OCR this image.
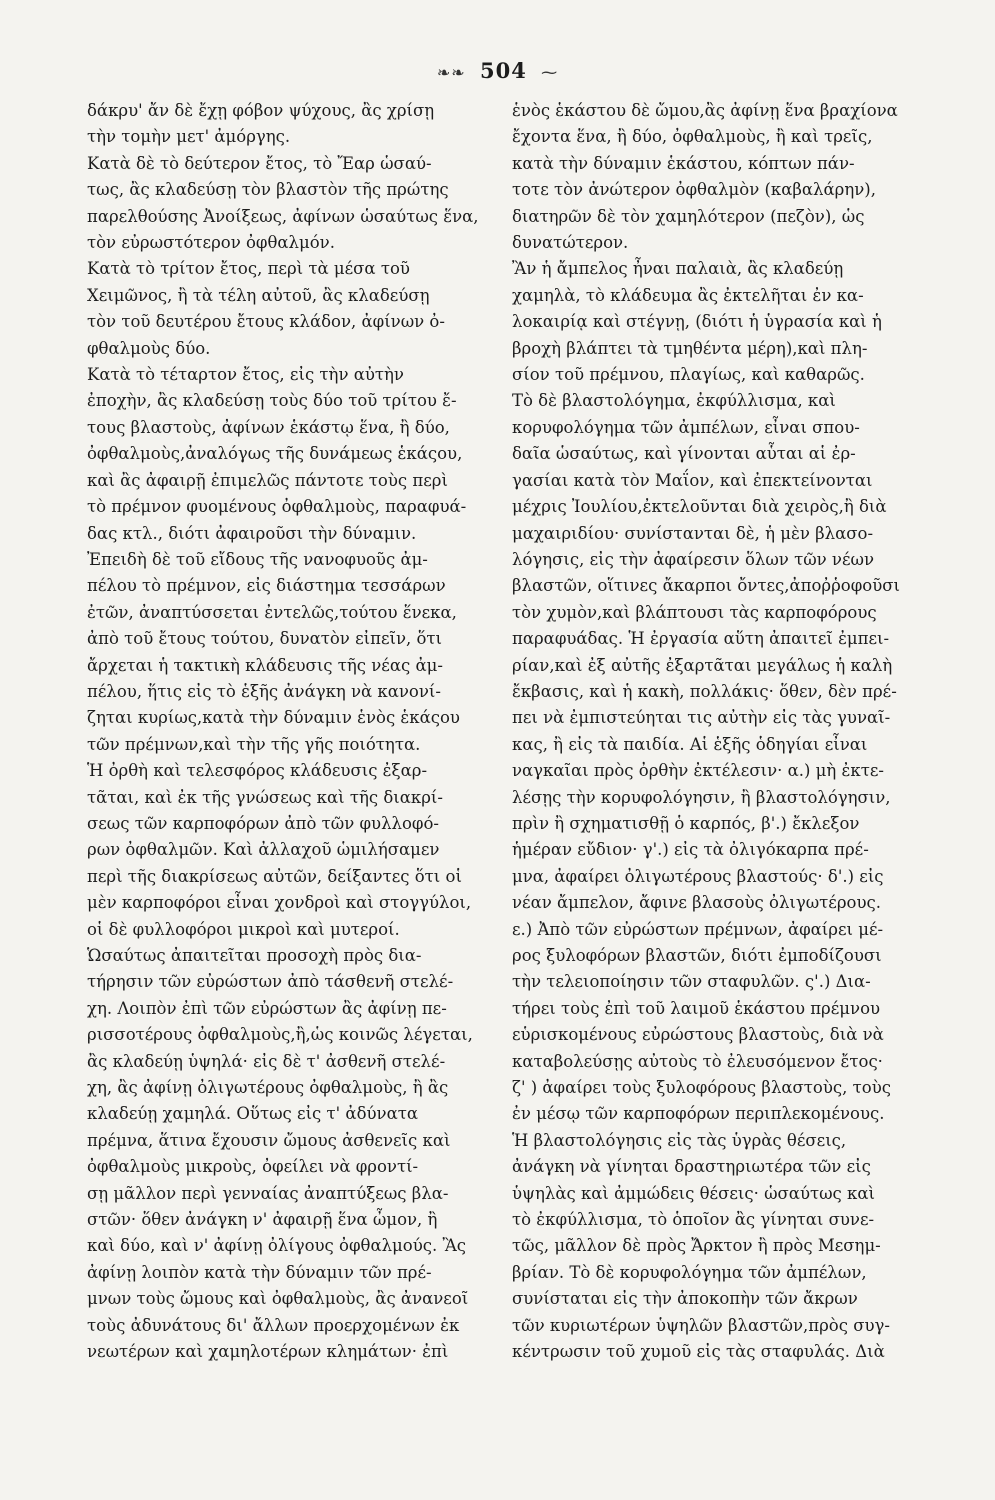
❧❧ 504 ⁓
δάκρυ' ἄν δὲ ἔχῃ φόβον ψύχους, ἂς χρίσῃ
τὴν τομὴν μετ' ἀμόργης.
Κατὰ δὲ τὸ δεύτερον ἔτος, τὸ Ἔαρ ὡσαύ-
τως, ἂς κλαδεύσῃ τὸν βλαστὸν τῆς πρώτης
παρελθούσης Ἀνοίξεως, ἀφίνων ὡσαύτως ἕνα,
τὸν εὐρωστότερον ὀφθαλμόν.
Κατὰ τὸ τρίτον ἔτος, περὶ τὰ μέσα τοῦ
Χειμῶνος, ἢ τὰ τέλη αὐτοῦ, ἂς κλαδεύσῃ
τὸν τοῦ δευτέρου ἔτους κλάδον, ἀφίνων ὀ-
φθαλμοὺς δύο.
Κατὰ τὸ τέταρτον ἔτος, εἰς τὴν αὐτὴν
ἐποχὴν, ἂς κλαδεύσῃ τοὺς δύο τοῦ τρίτου ἔ-
τους βλαστοὺς, ἀφίνων ἑκάστῳ ἕνα, ἢ δύο,
ὀφθαλμοὺς,ἀναλόγως τῆς δυνάμεως ἑκάςου,
καὶ ἂς ἀφαιρῇ ἐπιμελῶς πάντοτε τοὺς περὶ
τὸ πρέμνον φυομένους ὀφθαλμοὺς, παραφυά-
δας κτλ., διότι ἀφαιροῦσι τὴν δύναμιν.
Ἐπειδὴ δὲ τοῦ εἴδους τῆς νανοφυοῦς ἀμ-
πέλου τὸ πρέμνον, εἰς διάστημα τεσσάρων
ἐτῶν, ἀναπτύσσεται ἐντελῶς,τούτου ἕνεκα,
ἀπὸ τοῦ ἔτους τούτου, δυνατὸν εἰπεῖν, ὅτι
ἄρχεται ἡ τακτικὴ κλάδευσις τῆς νέας ἀμ-
πέλου, ἥτις εἰς τὸ ἑξῆς ἀνάγκη νὰ κανονί-
ζηται κυρίως,κατὰ τὴν δύναμιν ἑνὸς ἑκάςου
τῶν πρέμνων,καὶ τὴν τῆς γῆς ποιότητα.
Ἡ ὀρθὴ καὶ τελεσφόρος κλάδευσις ἐξαρ-
τᾶται, καὶ ἐκ τῆς γνώσεως καὶ τῆς διακρί-
σεως τῶν καρποφόρων ἀπὸ τῶν φυλλοφό-
ρων ὀφθαλμῶν. Καὶ ἀλλαχοῦ ὡμιλήσαμεν
περὶ τῆς διακρίσεως αὐτῶν, δείξαντες ὅτι οἱ
μὲν καρποφόροι εἶναι χονδροὶ καὶ στογγύλοι,
οἱ δὲ φυλλοφόροι μικροὶ καὶ μυτεροί.
Ὡσαύτως ἀπαιτεῖται προσοχὴ πρὸς δια-
τήρησιν τῶν εὐρώστων ἀπὸ τάσθενῆ στελέ-
χη. Λοιπὸν ἐπὶ τῶν εὐρώστων ἂς ἀφίνῃ πε-
ρισσοτέρους ὀφθαλμοὺς,ἢ,ὡς κοινῶς λέγεται,
ἂς κλαδεύῃ ὑψηλά· εἰς δὲ τ' ἀσθενῆ στελέ-
χη, ἂς ἀφίνῃ ὀλιγωτέρους ὀφθαλμοὺς, ἢ ἂς
κλαδεύῃ χαμηλά. Οὕτως εἰς τ' ἀδύνατα
πρέμνα, ἅτινα ἔχουσιν ὤμους ἀσθενεῖς καὶ
ὀφθαλμοὺς μικροὺς, ὀφείλει νὰ φροντί-
σῃ μᾶλλον περὶ γενναίας ἀναπτύξεως βλα-
στῶν· ὅθεν ἀνάγκη ν' ἀφαιρῇ ἕνα ὦμον, ἢ
καὶ δύο, καὶ ν' ἀφίνῃ ὀλίγους ὀφθαλμούς. Ἂς
ἀφίνῃ λοιπὸν κατὰ τὴν δύναμιν τῶν πρέ-
μνων τοὺς ὤμους καὶ ὀφθαλμοὺς, ἂς ἀνανεοῖ
τοὺς ἀδυνάτους δι' ἄλλων προερχομένων ἐκ
νεωτέρων καὶ χαμηλοτέρων κλημάτων· ἐπὶ
ἑνὸς ἑκάστου δὲ ὤμου,ἂς ἀφίνῃ ἕνα βραχίονα
ἔχοντα ἕνα, ἢ δύο, ὀφθαλμοὺς, ἢ καὶ τρεῖς,
κατὰ τὴν δύναμιν ἑκάστου, κόπτων πάν-
τοτε τὸν ἀνώτερον ὀφθαλμὸν (καβαλάρην),
διατηρῶν δὲ τὸν χαμηλότερον (πεζὸν), ὡς
δυνατώτερον.
Ἂν ἡ ἄμπελος ἦναι παλαιὰ, ἂς κλαδεύῃ
χαμηλὰ, τὸ κλάδευμα ἂς ἐκτελῆται ἐν κα-
λοκαιρίᾳ καὶ στέγνῃ, (διότι ἡ ὑγρασία καὶ ἡ
βροχὴ βλάπτει τὰ τμηθέντα μέρη),καὶ πλη-
σίον τοῦ πρέμνου, πλαγίως, καὶ καθαρῶς.
Τὸ δὲ βλαστολόγημα, ἐκφύλλισμα, καὶ
κορυφολόγημα τῶν ἀμπέλων, εἶναι σπου-
δαῖα ὡσαύτως, καὶ γίνονται αὗται αἱ ἐρ-
γασίαι κατὰ τὸν Μαΐον, καὶ ἐπεκτείνονται
μέχρις Ἰουλίου,ἐκτελοῦνται διὰ χειρὸς,ἢ διὰ
μαχαιριδίου· συνίστανται δὲ, ἡ μὲν βλασο-
λόγησις, εἰς τὴν ἀφαίρεσιν ὅλων τῶν νέων
βλαστῶν, οἵτινες ἄκαρποι ὄντες,ἀποῤῥοφοῦσι
τὸν χυμὸν,καὶ βλάπτουσι τὰς καρποφόρους
παραφυάδας. Ἡ ἐργασία αὕτη ἀπαιτεῖ ἐμπει-
ρίαν,καὶ ἐξ αὐτῆς ἐξαρτᾶται μεγάλως ἡ καλὴ
ἔκβασις, καὶ ἡ κακὴ, πολλάκις· ὅθεν, δὲν πρέ-
πει νὰ ἐμπιστεύηται τις αὐτὴν εἰς τὰς γυναῖ-
κας, ἢ εἰς τὰ παιδία. Αἱ ἑξῆς ὁδηγίαι εἶναι
ναγκαῖαι πρὸς ὀρθὴν ἐκτέλεσιν· α.) μὴ ἐκτε-
λέσῃς τὴν κορυφολόγησιν, ἢ βλαστολόγησιν,
πρὶν ἢ σχηματισθῇ ὁ καρπός, β'.) ἔκλεξον
ἡμέραν εὔδιον· γ'.) εἰς τὰ ὀλιγόκαρπα πρέ-
μνα, ἀφαίρει ὀλιγωτέρους βλαστούς· δ'.) εἰς
νέαν ἄμπελον, ἄφινε βλασοὺς ὀλιγωτέρους.
ε.) Ἀπὸ τῶν εὐρώστων πρέμνων, ἀφαίρει μέ-
ρος ξυλοφόρων βλαστῶν, διότι ἐμποδίζουσι
τὴν τελειοποίησιν τῶν σταφυλῶν. ς'.) Δια-
τήρει τοὺς ἐπὶ τοῦ λαιμοῦ ἑκάστου πρέμνου
εὑρισκομένους εὐρώστους βλαστοὺς, διὰ νὰ
καταβολεύσῃς αὐτοὺς τὸ ἐλευσόμενον ἔτος·
ζ' ) ἀφαίρει τοὺς ξυλοφόρους βλαστοὺς, τοὺς
ἐν μέσῳ τῶν καρποφόρων περιπλεκομένους.
Ἡ βλαστολόγησις εἰς τὰς ὑγρὰς θέσεις,
ἀνάγκη νὰ γίνηται δραστηριωτέρα τῶν εἰς
ὑψηλὰς καὶ ἀμμώδεις θέσεις· ὡσαύτως καὶ
τὸ ἐκφύλλισμα, τὸ ὁποῖον ἂς γίνηται συνε-
τῶς, μᾶλλον δὲ πρὸς Ἄρκτον ἢ πρὸς Μεσημ-
βρίαν. Τὸ δὲ κορυφολόγημα τῶν ἀμπέλων,
συνίσταται εἰς τὴν ἀποκοπὴν τῶν ἄκρων
τῶν κυριωτέρων ὑψηλῶν βλαστῶν,πρὸς συγ-
κέντρωσιν τοῦ χυμοῦ εἰς τὰς σταφυλάς. Διὰ
